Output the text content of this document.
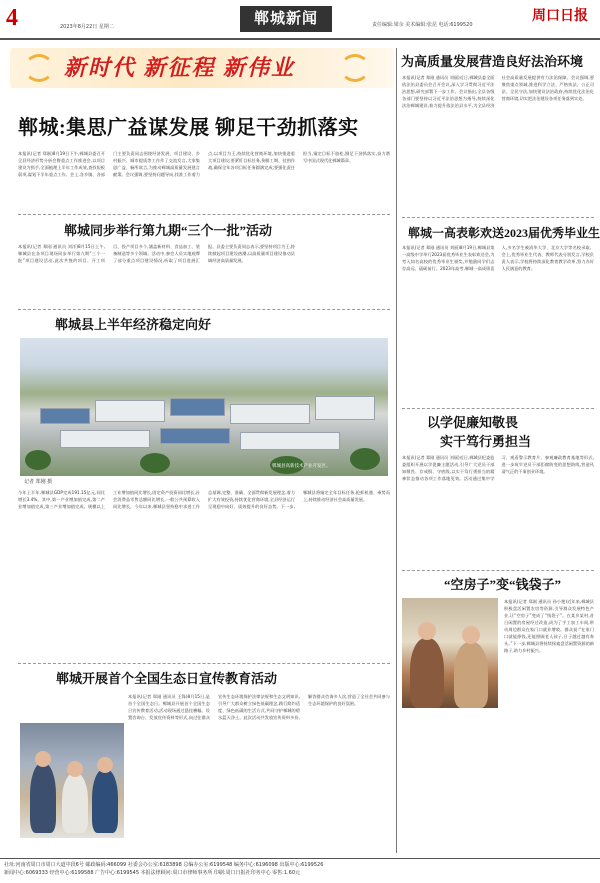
4	2023年8月22日 星期二	郸城新闻	责任编辑:梁余 美术编辑:张昆 电话:6199520
周口日报
新时代 新征程 新伟业
郸城:集思广益谋发展 铆足干劲抓落实
本报讯(记者 郑刚)8月19日下午,郸城县委召开全县经济形势分析会暨重点工作推进会,以项目建设为抓手,全面梳理上半年工作成效,查找短板弱项,谋划下半年重点工作。会上,各乡镇、各部门主要负责同志围绕经济发展、项目建设、乡村振兴、城市提质等工作作了交流发言,大家集思广益、畅所欲言,为推动郸城高质量发展建言献策。会议强调,要坚持问题导向,找准工作着力点,以项目为王,持续优化营商环境,加快推进重大项目建设;要紧盯目标任务,倒排工期、挂图作战,确保全年各项目标任务圆满完成;要强化责任担当,锚定目标不放松,铆足干劲抓落实,奋力谱写中国式现代化郸城篇章。
郸城同步举行第九期“三个一批”活动
本报讯(记者 郑刚 通讯员 刘洋)8月15日上午,郸城县在各项目现场同步举行第九期“三个一批”项目建设活动,此次共签约项目、开工项目、投产项目多个,涵盖新材料、食品加工、装备制造等多个领域。活动中,参会人员实地观摩了部分重点项目建设情况,听取了项目进展汇报。县委主要负责同志表示,要坚持项目为王,持续掀起项目建设热潮,以高质量项目建设推动县域经济高质量发展。
郸城县上半年经济稳定向好
郸城县高新技术产业开发区。
记者 郑刚 摄
今年上半年,郸城县GDP完成191.15亿元,同比增长3.4%。其中,第一产业增加值完成,第二产业增加值完成,第三产业增加值完成。规模以上工业增加值同比增长,固定资产投资同比增长,社会消费品零售总额同比增长,一般公共预算收入同比增长。今年以来,郸城县坚持稳中求进工作总基调,完整、准确、全面贯彻新发展理念,着力扩大有效投资,持续优化营商环境,全县经济运行呈现稳中向好、质效提升的良好态势。下一步,郸城县将锚定全年目标任务,抢抓机遇、乘势而上,持续推动经济社会高质量发展。
郸城开展首个全国生态日宣传教育活动
本报讯(记者 郑刚 通讯员 王锋)8月15日,是首个全国生态日。郸城县开展首个全国生态日宣传教育活动,活动现场通过悬挂横幅、设置咨询台、发放宣传资料等形式,向过往群众宣传生态环境保护法律法规和生态文明知识,引导广大群众树立绿色低碳理念,践行简约适度、绿色低碳的生活方式,共同守护郸城的碧水蓝天净土。此次活动共发放宣传资料多份,解答群众咨询多人次,营造了全社会共同参与生态环境保护的良好氛围。
为高质量发展营造良好法治环境
本报讯(记者 郑刚 通讯员 刘丽)近日,郸城县委全面依法治县委员会召开会议,深入学习贯彻习近平法治思想,研究部署下一步工作。会议指出,全县各级各部门要坚持以习近平法治思想为指导,持续深化法治郸城建设,着力提升依法治县水平,为全县经济社会高质量发展提供有力法治保障。会议强调,要聚焦重点领域,推进科学立法、严格执法、公正司法、全民守法,加快建设法治政府,持续优化法治化营商环境,切实把法治建设各项任务落到实处。
郸城一高表彰欢送2023届优秀毕业生
本报讯(记者 郑刚 通讯员 刘丽)8月19日,郸城县第一高级中学举行2023届优秀毕业生表彰欢送会,为考入知名高校的优秀毕业生颁奖,并勉励同学们志存高远、砥砺前行。2023年高考,郸城一高成绩喜人,多名学生被清华大学、北京大学等名校录取。会上,优秀毕业生代表、教师代表分别发言,学校负责人表示,学校将持续深化教育教学改革,努力办好人民满意的教育。
以学促廉知敬畏
实干笃行勇担当
本报讯(记者 郑刚 通讯员 刘丽)近日,郸城县纪委监委组织开展以学促廉主题活动,引导广大党员干部知敬畏、存戒惧、守底线,以实干笃行勇担当的精神状态推动各项工作落地见效。活动通过集中学习、观看警示教育片、参观廉政教育基地等形式,进一步筑牢党员干部拒腐防变的思想防线,营造风清气正的干事创业环境。
“空房子”变“钱袋子”
本报讯(记者 郑刚 通讯员 孙小艳)近年来,郸城县积极盘活闲置农房等资源,引导群众发展特色产业,让“空房子”变成了“钱袋子”。在某乡某村,昔日闲置的房屋经过改造,成为了手工加工车间,带动周边群众在家门口就业增收。群众说:“在家门口就能挣钱,还能照顾老人孩子,日子越过越有奔头。”下一步,郸城县将持续探索盘活闲置资源的新路子,助力乡村振兴。
社址:河南省周口市周口大道中段6号 邮政编码:466099 社委会办公室:6183898 总编办公室:6199548 编务中心:6196098 出版中心:6199526
新闻中心:6069333 经营中心:6199588 广告中心:6199545 本报法律顾问:周口市律师事务所 印刷:周口日报社印务中心 零售:1.60元
